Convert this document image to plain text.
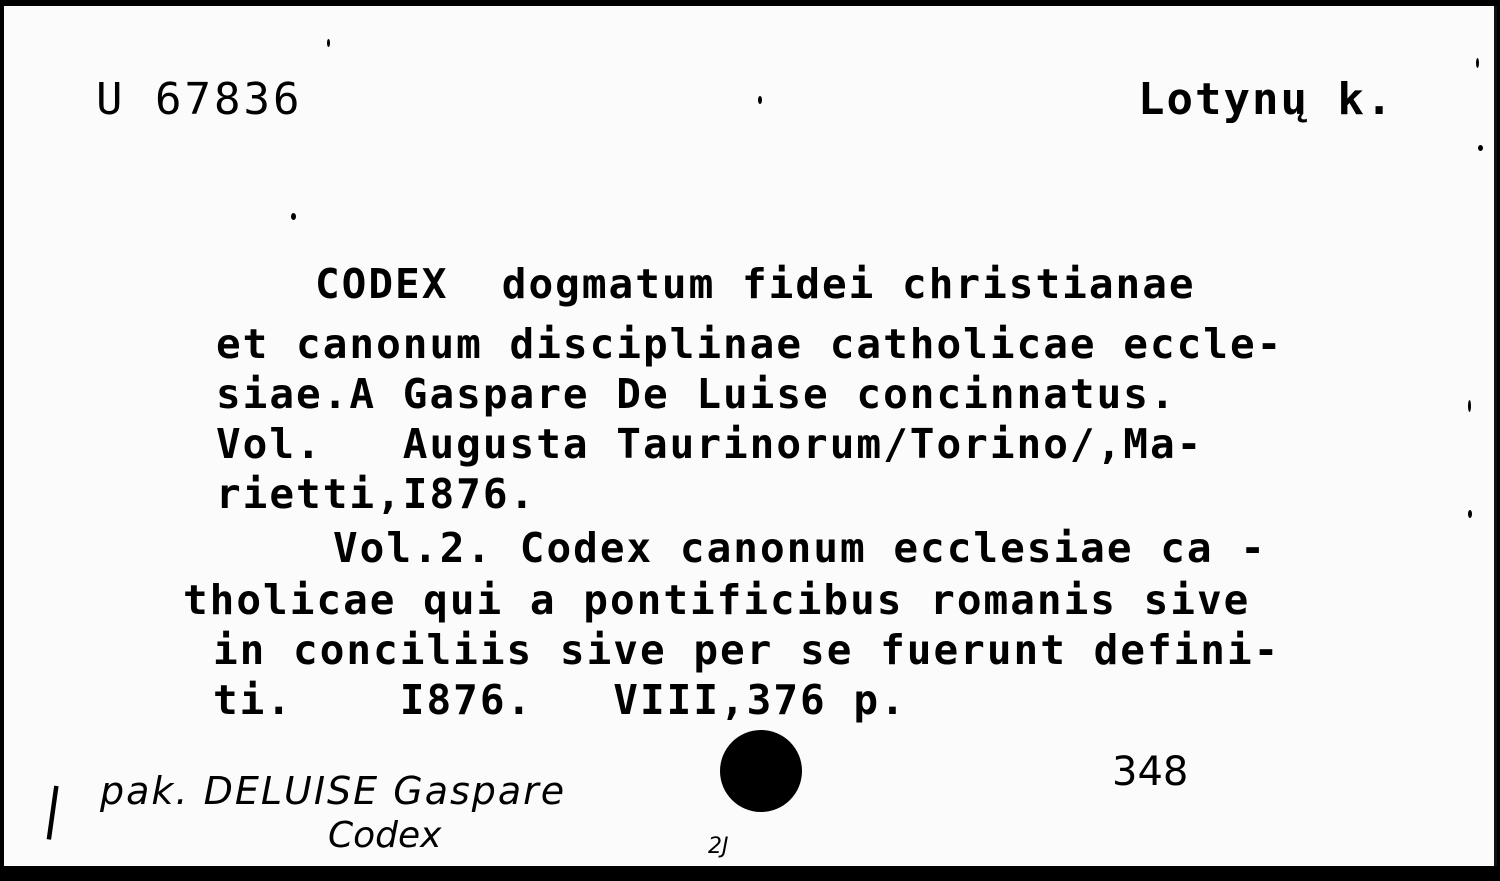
U 67836	Lotynų k.
CODEX  dogmatum fidei christianae
et canonum disciplinae catholicae eccle-
siae.A Gaspare De Luise concinnatus.
Vol.   Augusta Taurinorum/Torino/,Ma-
rietti,I876.
Vol.2. Codex canonum ecclesiae ca -
tholicae qui a pontificibus romanis sive
in conciliis sive per se fuerunt defini-
ti.    I876.   VIII,376 p.
| pak. DELUISE Gaspare
Codex
348
2J
